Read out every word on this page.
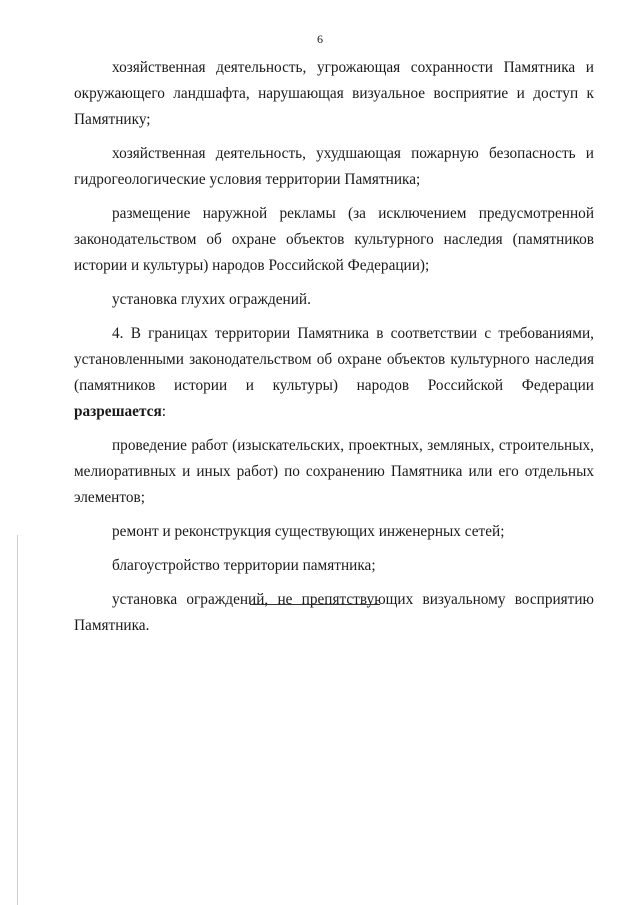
6

хозяйственная деятельность, угрожающая сохранности Памятника и окружающего ландшафта, нарушающая визуальное восприятие и доступ к Памятнику;

хозяйственная деятельность, ухудшающая пожарную безопасность и гидрогеологические условия территории Памятника;

размещение наружной рекламы (за исключением предусмотренной законодательством об охране объектов культурного наследия (памятников истории и культуры) народов Российской Федерации);

установка глухих ограждений.

4. В границах территории Памятника в соответствии с требованиями, установленными законодательством об охране объектов культурного наследия (памятников истории и культуры) народов Российской Федерации разрешается:

проведение работ (изыскательских, проектных, земляных, строительных, мелиоративных и иных работ) по сохранению Памятника или его отдельных элементов;

ремонт и реконструкция существующих инженерных сетей;

благоустройство территории памятника;

установка ограждений, не препятствующих визуальному восприятию Памятника.
